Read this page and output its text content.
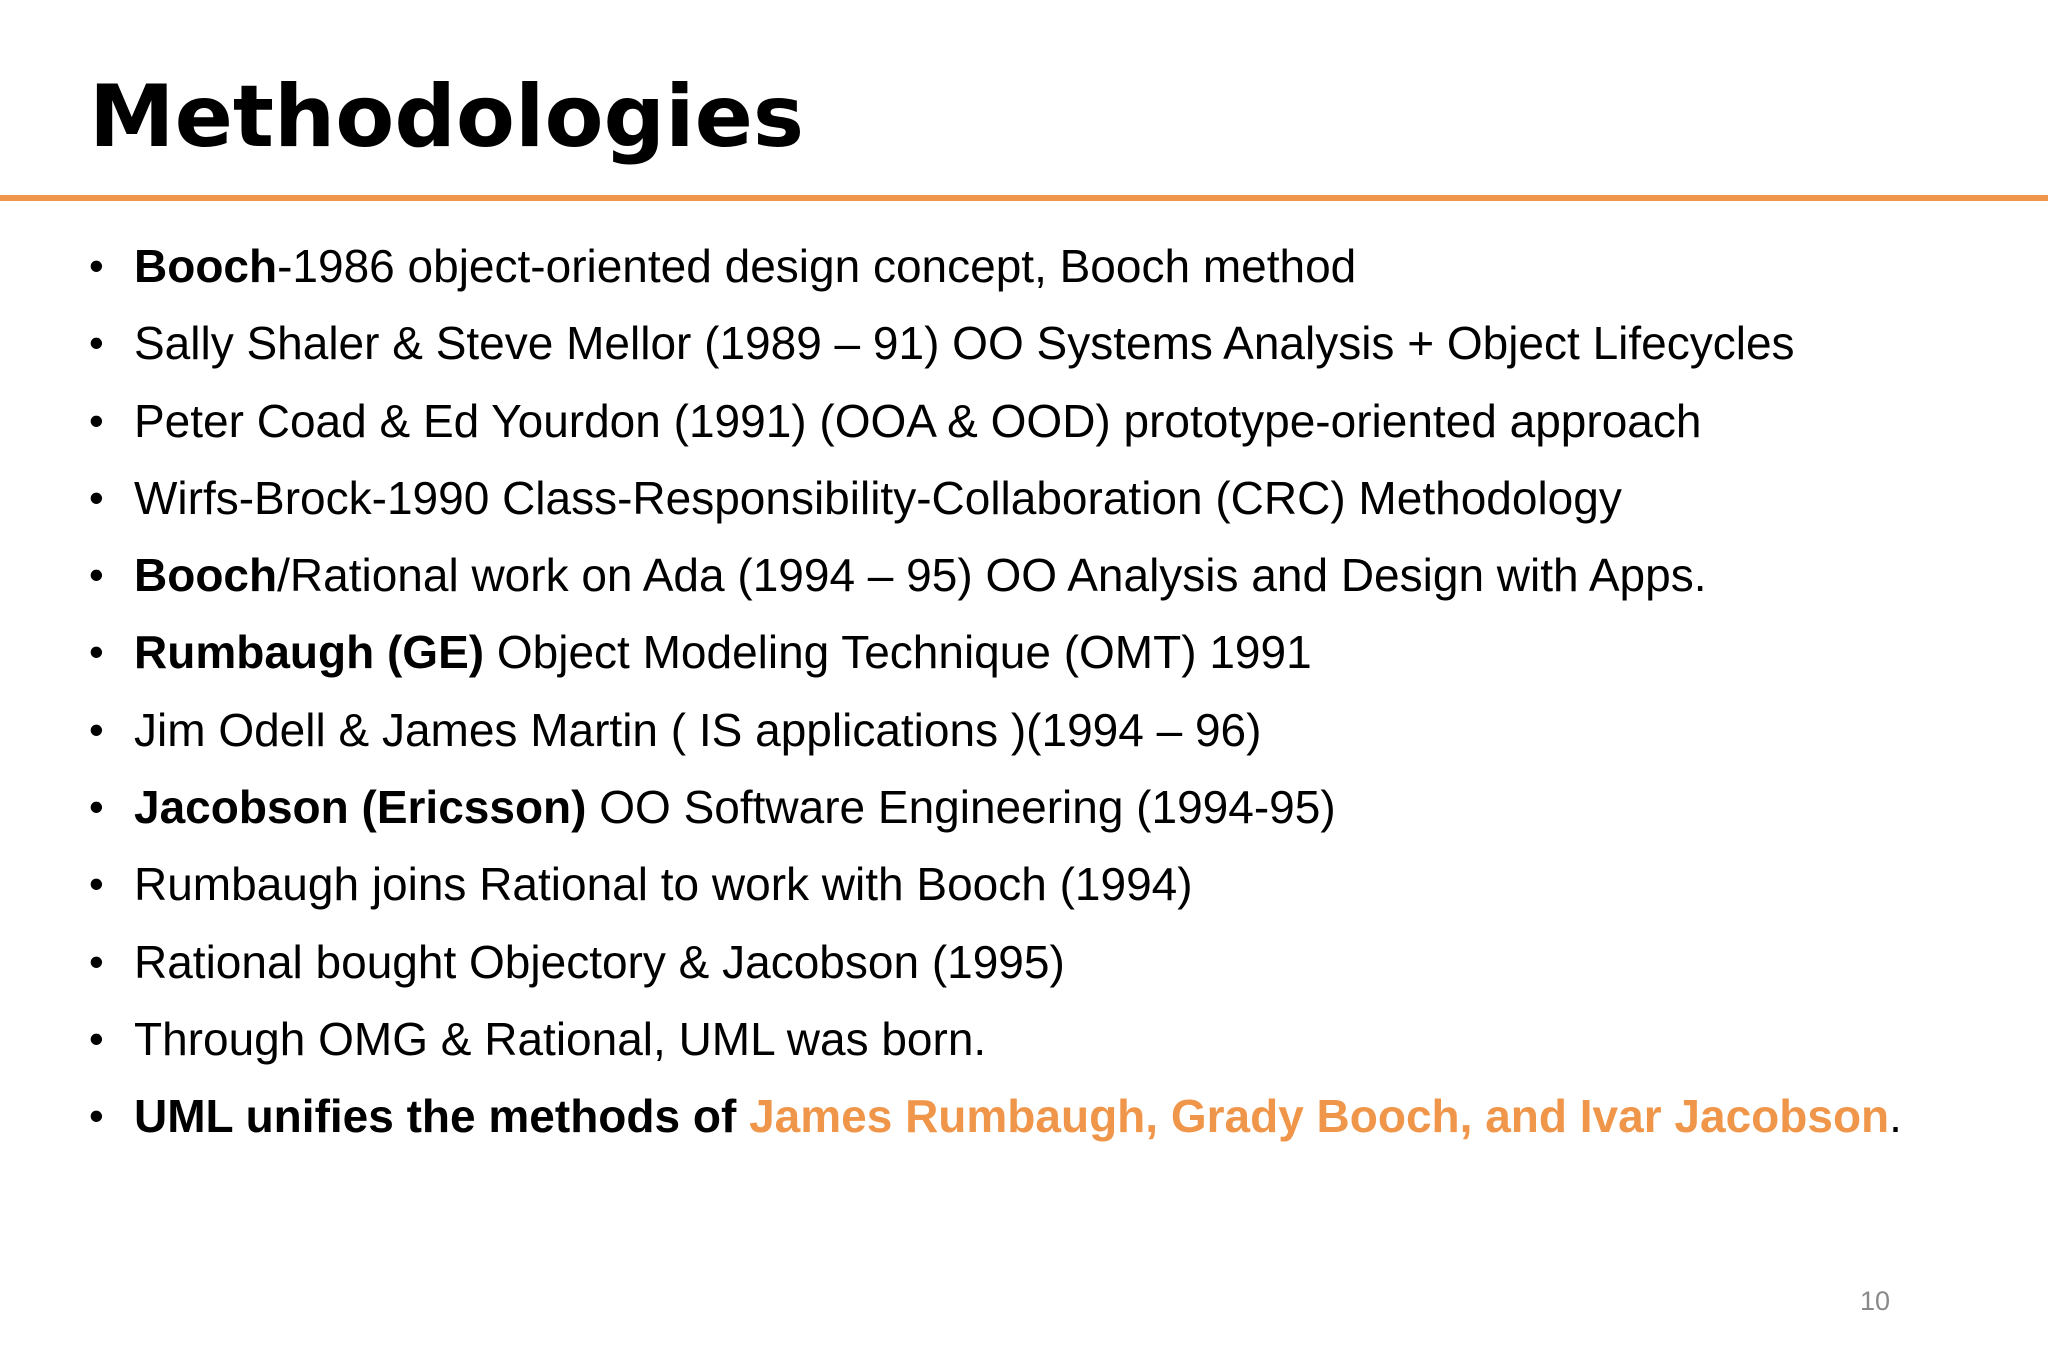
Methodologies
• Booch-1986 object-oriented design concept, Booch method
• Sally Shaler & Steve Mellor (1989 – 91) OO Systems Analysis + Object Lifecycles
• Peter Coad & Ed Yourdon (1991) (OOA & OOD) prototype-oriented approach
• Wirfs-Brock-1990 Class-Responsibility-Collaboration (CRC) Methodology
• Booch/Rational work on Ada (1994 – 95) OO Analysis and Design with Apps.
• Rumbaugh (GE) Object Modeling Technique (OMT) 1991
• Jim Odell & James Martin ( IS applications )(1994 – 96)
• Jacobson (Ericsson) OO Software Engineering (1994-95)
• Rumbaugh joins Rational to work with Booch (1994)
• Rational bought Objectory & Jacobson (1995)
• Through OMG & Rational, UML was born.
• UML unifies the methods of James Rumbaugh, Grady Booch, and Ivar Jacobson.
10
